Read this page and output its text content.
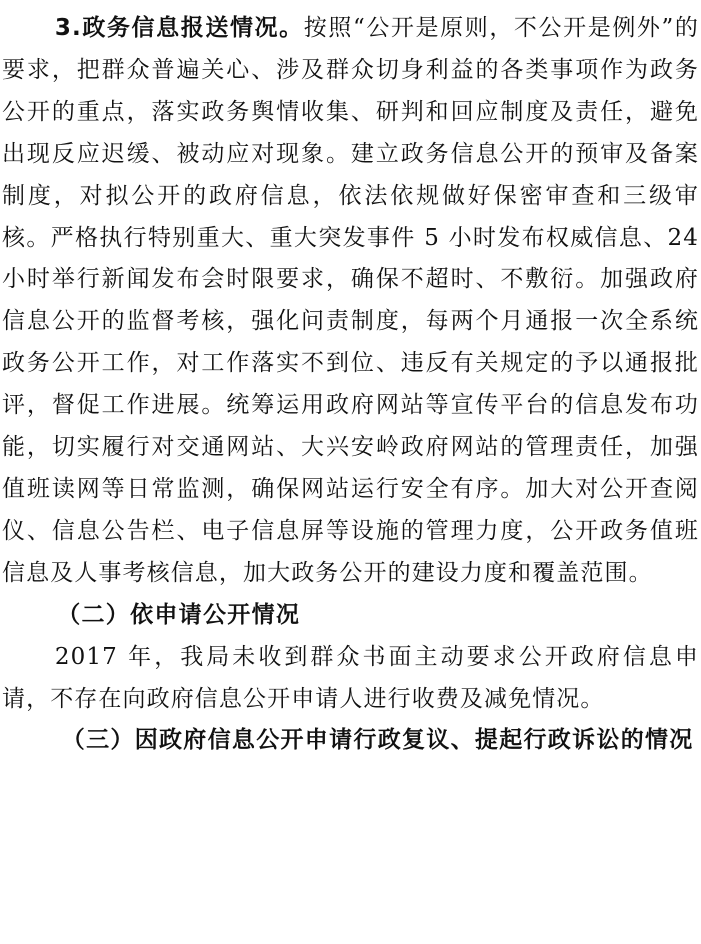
3.政务信息报送情况。按照“公开是原则，不公开是例外”的要求，把群众普遍关心、涉及群众切身利益的各类事项作为政务公开的重点，落实政务舆情收集、研判和回应制度及责任，避免出现反应迟缓、被动应对现象。建立政务信息公开的预审及备案制度，对拟公开的政府信息，依法依规做好保密审查和三级审核。严格执行特别重大、重大突发事件 5 小时发布权威信息、24 小时举行新闻发布会时限要求，确保不超时、不敷衍。加强政府信息公开的监督考核，强化问责制度，每两个月通报一次全系统政务公开工作，对工作落实不到位、违反有关规定的予以通报批评，督促工作进展。统筹运用政府网站等宣传平台的信息发布功能，切实履行对交通网站、大兴安岭政府网站的管理责任，加强值班读网等日常监测，确保网站运行安全有序。加大对公开查阅仪、信息公告栏、电子信息屏等设施的管理力度，公开政务值班信息及人事考核信息，加大政务公开的建设力度和覆盖范围。

（二）依申请公开情况

2017 年，我局未收到群众书面主动要求公开政府信息申请，不存在向政府信息公开申请人进行收费及减免情况。

（三）因政府信息公开申请行政复议、提起行政诉讼的情况
